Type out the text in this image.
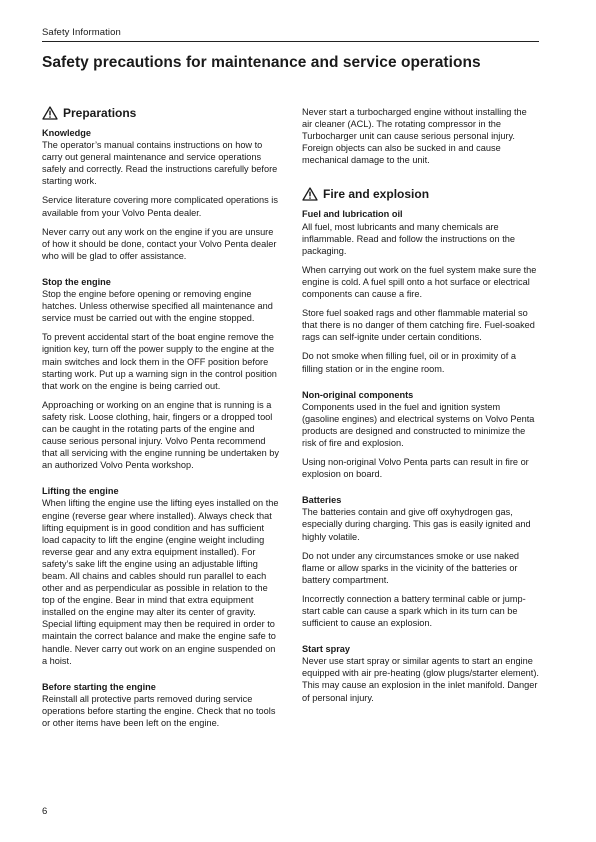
Safety Information
Safety precautions for maintenance and service operations
Preparations
Knowledge

The operator’s manual contains instructions on how to carry out general maintenance and service operations safely and correctly. Read the instructions carefully before starting work.

Service literature covering more complicated operations is available from your Volvo Penta dealer.

Never carry out any work on the engine if you are unsure of how it should be done, contact your Volvo Penta dealer who will be glad to offer assistance.

Stop the engine

Stop the engine before opening or removing engine hatches. Unless otherwise specified all maintenance and service must be carried out with the engine stopped.

To prevent accidental start of the boat engine remove the ignition key, turn off the power supply to the engine at the main switches and lock them in the OFF position before starting work. Put up a warning sign in the control position that work on the engine is being carried out.

Approaching or working on an engine that is running is a safety risk. Loose clothing, hair, fingers or a dropped tool can be caught in the rotating parts of the engine and cause serious personal injury. Volvo Penta recommend that all servicing with the engine running be undertaken by an authorized Volvo Penta workshop.

Lifting the engine

When lifting the engine use the lifting eyes installed on the engine (reverse gear where installed). Always check that lifting equipment is in good condition and has sufficient load capacity to lift the engine (engine weight including reverse gear and any extra equipment installed). For safety’s sake lift the engine using an adjustable lifting beam. All chains and cables should run parallel to each other and as perpendicular as possible in relation to the top of the engine. Bear in mind that extra equipment installed on the engine may alter its center of gravity. Special lifting equipment may then be required in order to maintain the correct balance and make the engine safe to handle. Never carry out work on an engine suspended on a hoist.

Before starting the engine

Reinstall all protective parts removed during service operations before starting the engine. Check that no tools or other items have been left on the engine.

Never start a turbocharged engine without installing the air cleaner (ACL). The rotating compressor in the Turbocharger unit can cause serious personal injury. Foreign objects can also be sucked in and cause mechanical damage to the unit.

Fire and explosion
Fuel and lubrication oil

All fuel, most lubricants and many chemicals are inflammable. Read and follow the instructions on the packaging.

When carrying out work on the fuel system make sure the engine is cold. A fuel spill onto a hot surface or electrical components can cause a fire.

Store fuel soaked rags and other flammable material so that there is no danger of them catching fire. Fuel-soaked rags can self-ignite under certain conditions.

Do not smoke when filling fuel, oil or in proximity of a filling station or in the engine room.

Non-original components

Components used in the fuel and ignition system (gasoline engines) and electrical systems on Volvo Penta products are designed and constructed to minimize the risk of fire and explosion.

Using non-original Volvo Penta parts can result in fire or explosion on board.

Batteries

The batteries contain and give off oxyhydrogen gas, especially during charging. This gas is easily ignited and highly volatile.

Do not under any circumstances smoke or use naked flame or allow sparks in the vicinity of the batteries or battery compartment.

Incorrectly connection a battery terminal cable or jump-start cable can cause a spark which in its turn can be sufficient to cause an explosion.

Start spray

Never use start spray or similar agents to start an engine equipped with air pre-heating (glow plugs/starter element). This may cause an explosion in the inlet manifold. Danger of personal injury.

6
